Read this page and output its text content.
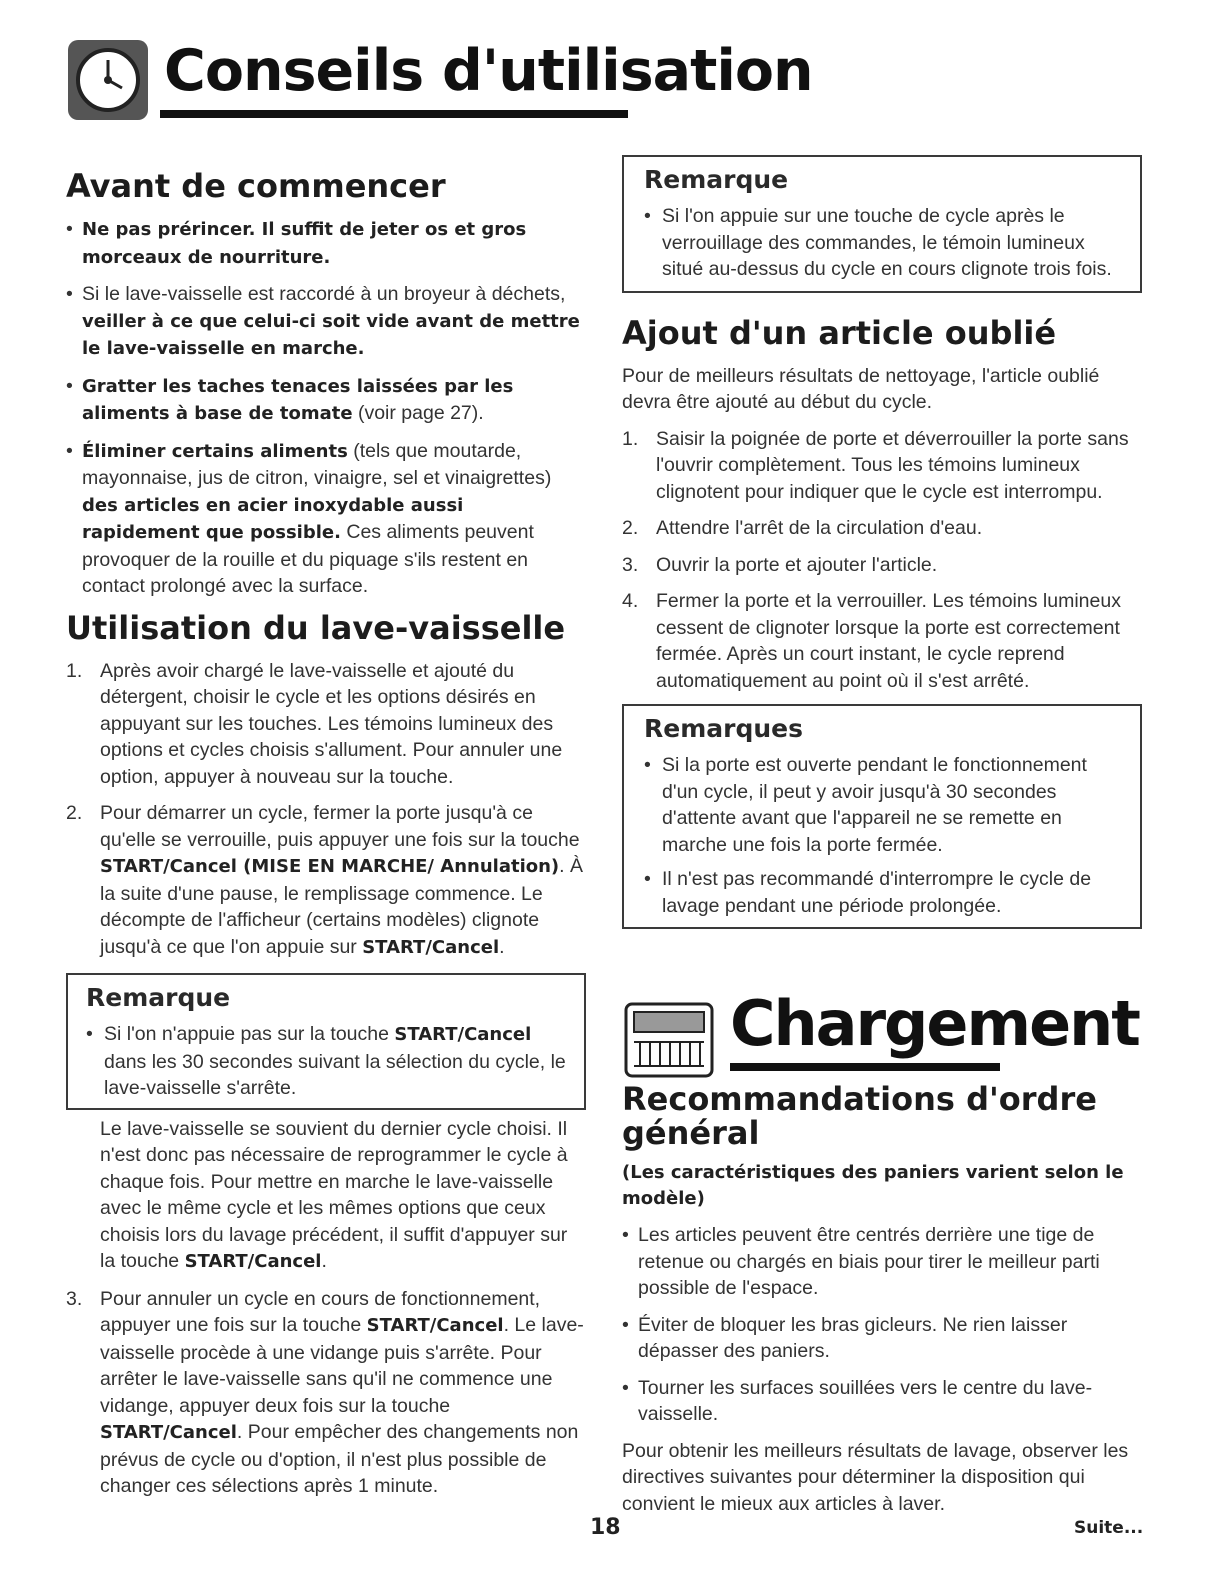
Conseils d'utilisation
Avant de commencer
• Ne pas prérincer. Il suffit de jeter os et gros morceaux de nourriture.
• Si le lave-vaisselle est raccordé à un broyeur à déchets, veiller à ce que celui-ci soit vide avant de mettre le lave-vaisselle en marche.
• Gratter les taches tenaces laissées par les aliments à base de tomate (voir page 27).
• Éliminer certains aliments (tels que moutarde, mayonnaise, jus de citron, vinaigre, sel et vinaigrettes) des articles en acier inoxydable aussi rapidement que possible. Ces aliments peuvent provoquer de la rouille et du piquage s'ils restent en contact prolongé avec la surface.
Utilisation du lave-vaisselle
1. Après avoir chargé le lave-vaisselle et ajouté du détergent, choisir le cycle et les options désirés en appuyant sur les touches. Les témoins lumineux des options et cycles choisis s'allument. Pour annuler une option, appuyer à nouveau sur la touche.
2. Pour démarrer un cycle, fermer la porte jusqu'à ce qu'elle se verrouille, puis appuyer une fois sur la touche START/Cancel (MISE EN MARCHE/ Annulation). À la suite d'une pause, le remplissage commence. Le décompte de l'afficheur (certains modèles) clignote jusqu'à ce que l'on appuie sur START/Cancel.
Remarque
• Si l'on n'appuie pas sur la touche START/Cancel dans les 30 secondes suivant la sélection du cycle, le lave-vaisselle s'arrête.

Le lave-vaisselle se souvient du dernier cycle choisi. Il n'est donc pas nécessaire de reprogrammer le cycle à chaque fois. Pour mettre en marche le lave-vaisselle avec le même cycle et les mêmes options que ceux choisis lors du lavage précédent, il suffit d'appuyer sur la touche START/Cancel.

3. Pour annuler un cycle en cours de fonctionnement, appuyer une fois sur la touche START/Cancel. Le lave-vaisselle procède à une vidange puis s'arrête. Pour arrêter le lave-vaisselle sans qu'il ne commence une vidange, appuyer deux fois sur la touche START/Cancel. Pour empêcher des changements non prévus de cycle ou d'option, il n'est plus possible de changer ces sélections après 1 minute.
Remarque
• Si l'on appuie sur une touche de cycle après le verrouillage des commandes, le témoin lumineux situé au-dessus du cycle en cours clignote trois fois.
Ajout d'un article oublié

Pour de meilleurs résultats de nettoyage, l'article oublié devra être ajouté au début du cycle.

1. Saisir la poignée de porte et déverrouiller la porte sans l'ouvrir complètement. Tous les témoins lumineux clignotent pour indiquer que le cycle est interrompu.
2. Attendre l'arrêt de la circulation d'eau.
3. Ouvrir la porte et ajouter l'article.
4. Fermer la porte et la verrouiller. Les témoins lumineux cessent de clignoter lorsque la porte est correctement fermée. Après un court instant, le cycle reprend automatiquement au point où il s'est arrêté.
Remarques
• Si la porte est ouverte pendant le fonctionnement d'un cycle, il peut y avoir jusqu'à 30 secondes d'attente avant que l'appareil ne se remette en marche une fois la porte fermée.
• Il n'est pas recommandé d'interrompre le cycle de lavage pendant une période prolongée.
Chargement
Recommandations d'ordre général

(Les caractéristiques des paniers varient selon le modèle)

• Les articles peuvent être centrés derrière une tige de retenue ou chargés en biais pour tirer le meilleur parti possible de l'espace.
• Éviter de bloquer les bras gicleurs. Ne rien laisser dépasser des paniers.
• Tourner les surfaces souillées vers le centre du lave-vaisselle.

Pour obtenir les meilleurs résultats de lavage, observer les directives suivantes pour déterminer la disposition qui convient le mieux aux articles à laver.

18	Suite...
